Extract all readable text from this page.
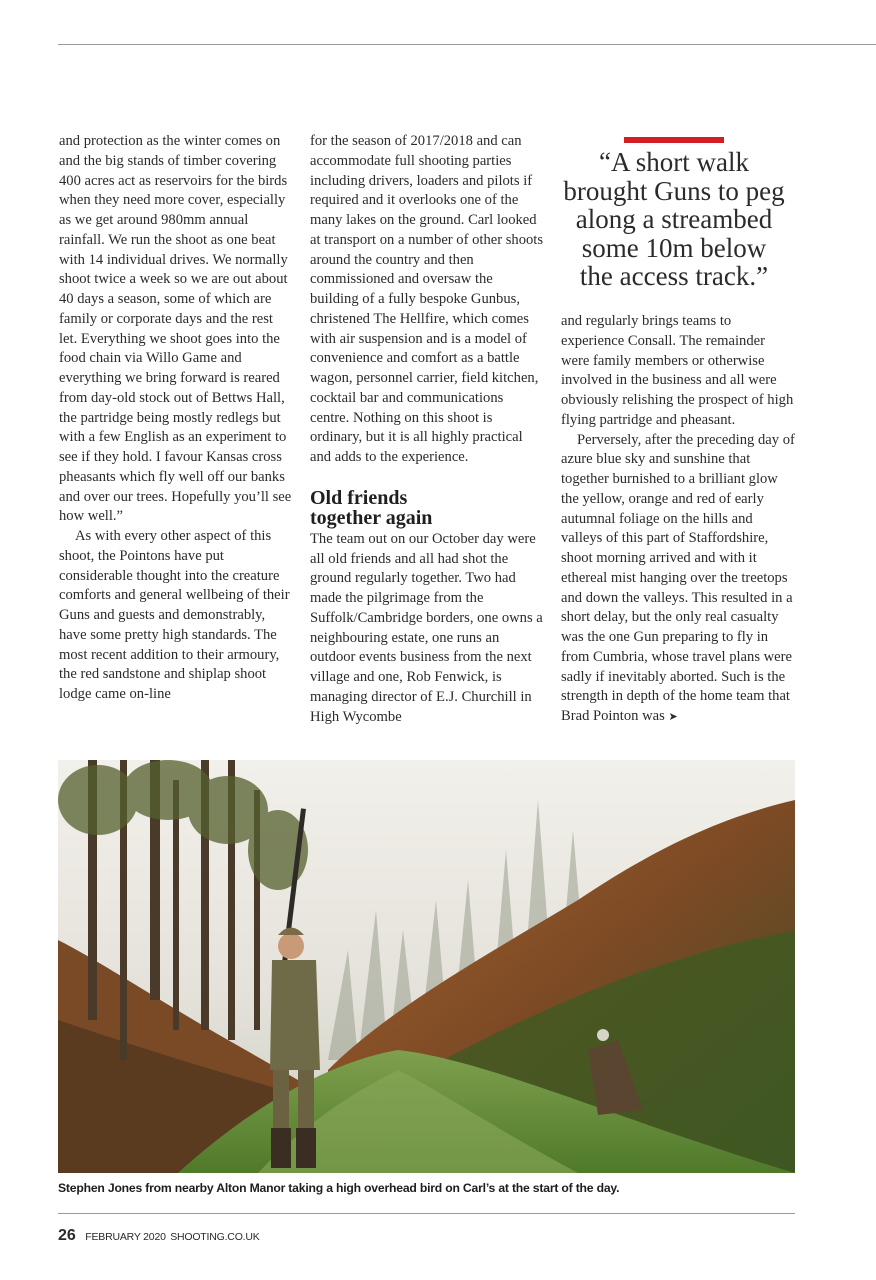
and protection as the winter comes on and the big stands of timber covering 400 acres act as reservoirs for the birds when they need more cover, especially as we get around 980mm annual rainfall. We run the shoot as one beat with 14 individual drives. We normally shoot twice a week so we are out about 40 days a season, some of which are family or corporate days and the rest let. Everything we shoot goes into the food chain via Willo Game and everything we bring forward is reared from day-old stock out of Bettws Hall, the partridge being mostly redlegs but with a few English as an experiment to see if they hold. I favour Kansas cross pheasants which fly well off our banks and over our trees. Hopefully you’ll see how well.”

As with every other aspect of this shoot, the Pointons have put considerable thought into the creature comforts and general wellbeing of their Guns and guests and demonstrably, have some pretty high standards. The most recent addition to their armoury, the red sandstone and shiplap shoot lodge came on-line

for the season of 2017/2018 and can accommodate full shooting parties including drivers, loaders and pilots if required and it overlooks one of the many lakes on the ground. Carl looked at transport on a number of other shoots around the country and then commissioned and oversaw the building of a fully bespoke Gunbus, christened The Hellfire, which comes with air suspension and is a model of convenience and comfort as a battle wagon, personnel carrier, field kitchen, cocktail bar and communications centre. Nothing on this shoot is ordinary, but it is all highly practical and adds to the experience.

Old friends
together again

The team out on our October day were all old friends and all had shot the ground regularly together. Two had made the pilgrimage from the Suffolk/Cambridge borders, one owns a neighbouring estate, one runs an outdoor events business from the next village and one, Rob Fenwick, is managing director of E.J. Churchill in High Wycombe

“A short walk
brought Guns to peg
along a streambed
some 10m below
the access track.”

and regularly brings teams to experience Consall. The remainder were family members or otherwise involved in the business and all were obviously relishing the prospect of high flying partridge and pheasant.

Perversely, after the preceding day of azure blue sky and sunshine that together burnished to a brilliant glow the yellow, orange and red of early autumnal foliage on the hills and valleys of this part of Staffordshire, shoot morning arrived and with it ethereal mist hanging over the treetops and down the valleys. This resulted in a short delay, but the only real casualty was the one Gun preparing to fly in from Cumbria, whose travel plans were sadly if inevitably aborted. Such is the strength in depth of the home team that Brad Pointon was ➤

Stephen Jones from nearby Alton Manor taking a high overhead bird on Carl’s at the start of the day.
26 FEBRUARY 2020 SHOOTING.CO.UK
